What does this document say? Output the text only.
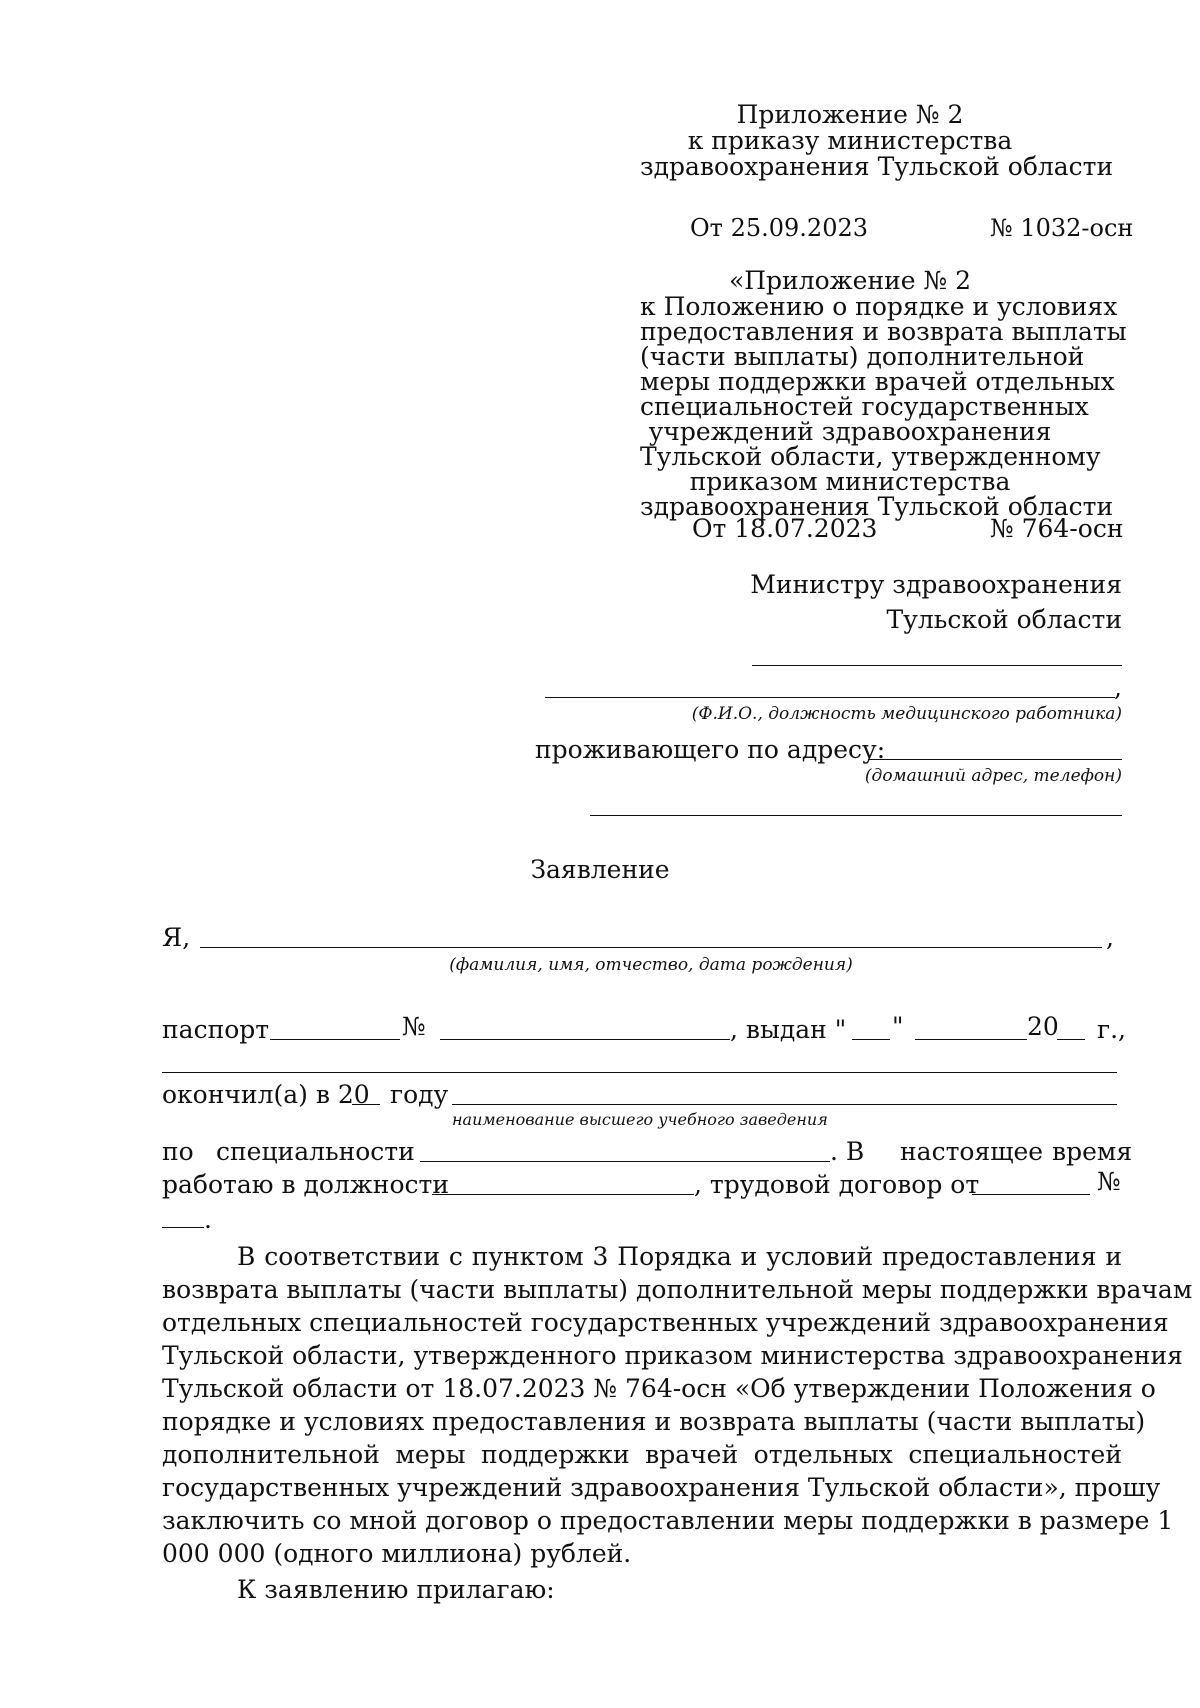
Приложение № 2
к приказу министерства
здравоохранения Тульской области
От 25.09.2023	№ 1032-осн
«Приложение № 2
к Положению о порядке и условиях
предоставления и возврата выплаты
(части выплаты) дополнительной
меры поддержки врачей отдельных
специальностей государственных
учреждений здравоохранения
Тульской области, утвержденному
приказом министерства
здравоохранения Тульской области
От 18.07.2023	№ 764-осн
Министру здравоохранения
Тульской области
,
(Ф.И.О., должность медицинского работника)
проживающего по адресу:
(домашний адрес, телефон)
Заявление
Я,	,
(фамилия, имя, отчество, дата рождения)
паспорт	№	, выдан " "	20 г.,
окончил(а) в 20 году
наименование высшего учебного заведения
по специальности	. В настоящее время
работаю в должности	, трудовой договор от	№
.
В соответствии с пунктом 3 Порядка и условий предоставления и
возврата выплаты (части выплаты) дополнительной меры поддержки врачам
отдельных специальностей государственных учреждений здравоохранения
Тульской области, утвержденного приказом министерства здравоохранения
Тульской области от 18.07.2023 № 764-осн «Об утверждении Положения о
порядке и условиях предоставления и возврата выплаты (части выплаты)
дополнительной меры поддержки врачей отдельных специальностей
государственных учреждений здравоохранения Тульской области», прошу
заключить со мной договор о предоставлении меры поддержки в размере 1
000 000 (одного миллиона) рублей.
К заявлению прилагаю:
